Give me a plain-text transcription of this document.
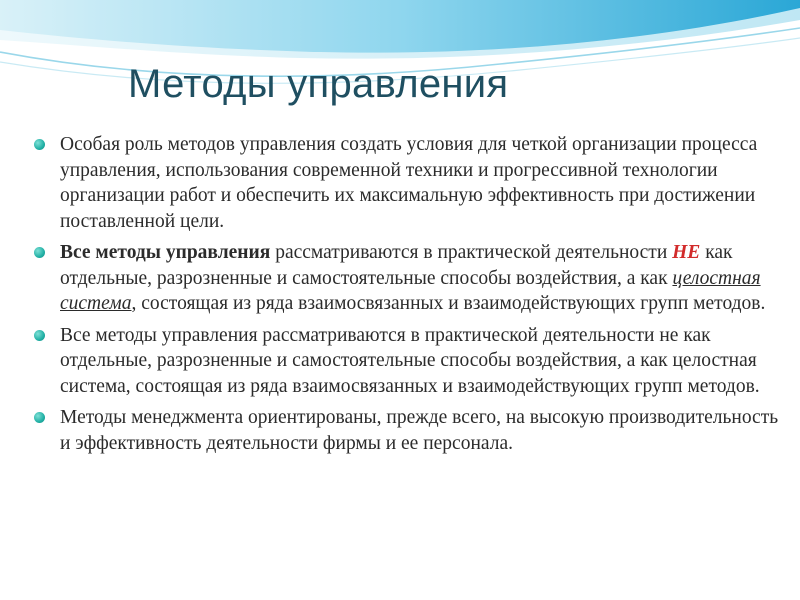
Методы управления
Особая роль методов управления создать условия для четкой организации процесса управления, использования современной техники и прогрессивной технологии организации работ и обеспечить их максимальную эффективность при достижении поставленной цели.
Все методы управления рассматриваются в практической деятельности НЕ как отдельные, разрозненные и самостоятельные способы воздействия, а как целостная система, состоящая из ряда взаимосвязанных и взаимодействующих групп методов.
Все методы управления рассматриваются в практической деятельности не как отдельные, разрозненные и самостоятельные способы воздействия, а как целостная система, состоящая из ряда взаимосвязанных и взаимодействующих групп методов.
Методы менеджмента ориентированы, прежде всего, на высокую производительность и эффективность деятельности фирмы и ее персонала.
